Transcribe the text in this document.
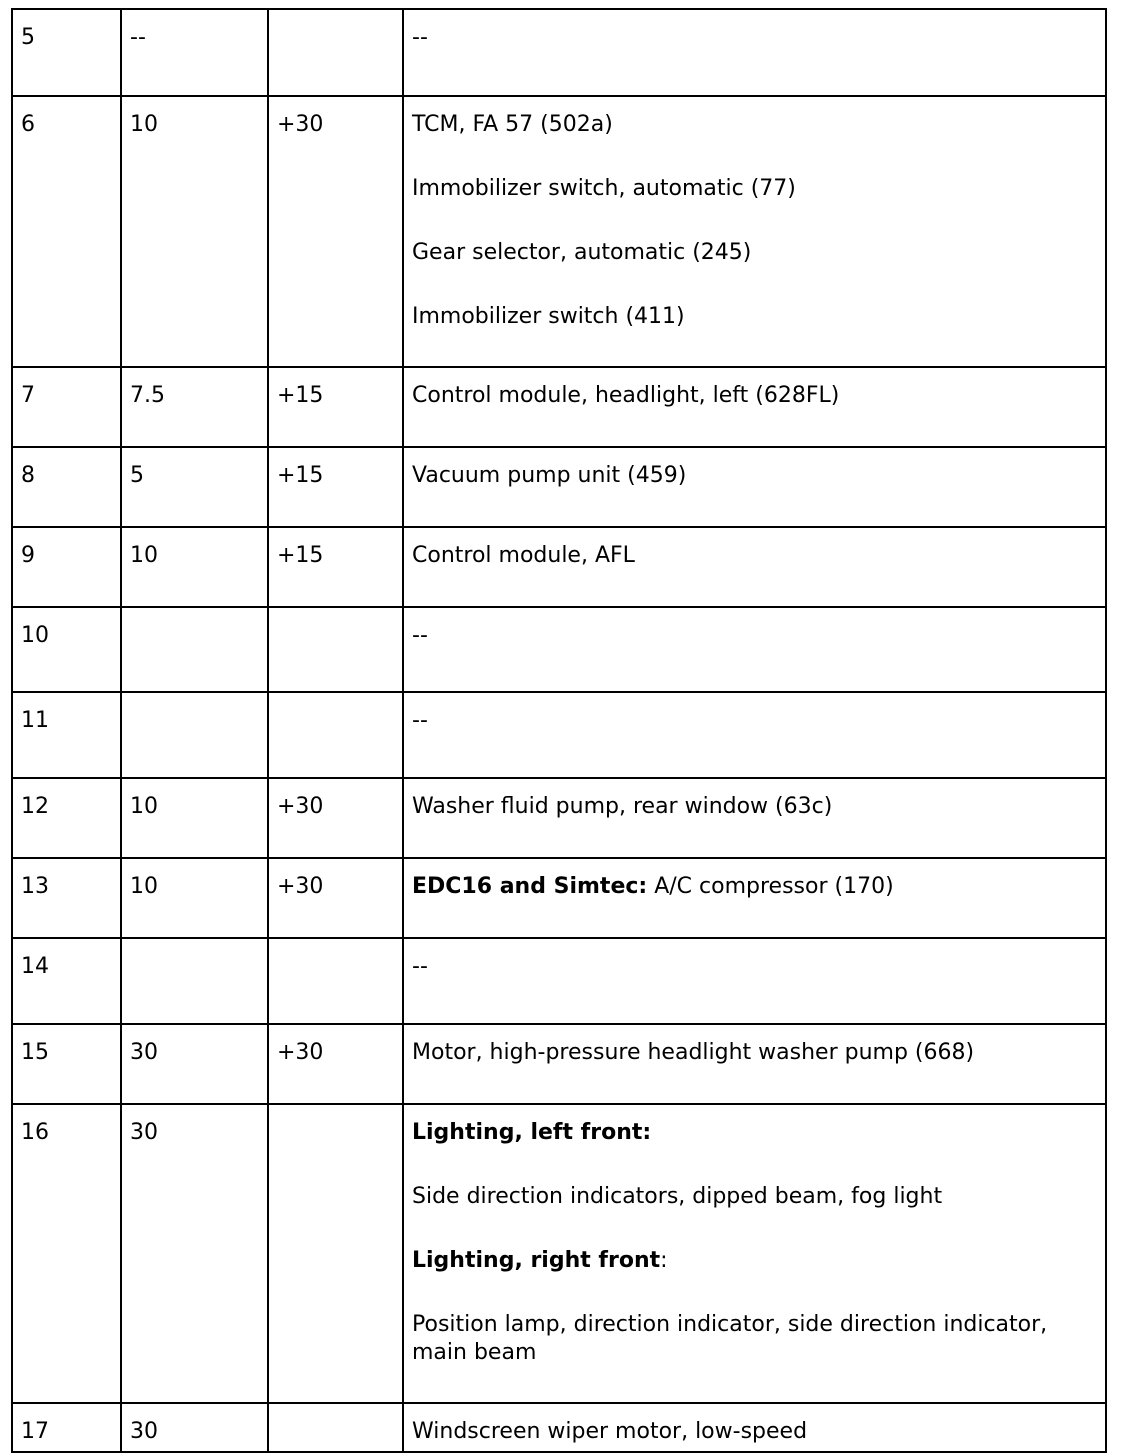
5	--		--

6	10	+30	TCM, FA 57 (502a)
Immobilizer switch, automatic (77)
Gear selector, automatic (245)
Immobilizer switch (411)

7	7.5	+15	Control module, headlight, left (628FL)

8	5	+15	Vacuum pump unit (459)

9	10	+15	Control module, AFL

10			--

11			--

12	10	+30	Washer fluid pump, rear window (63c)

13	10	+30	EDC16 and Simtec: A/C compressor (170)

14			--

15	30	+30	Motor, high-pressure headlight washer pump (668)

16	30		Lighting, left front:
Side direction indicators, dipped beam, fog light
Lighting, right front:
Position lamp, direction indicator, side direction indicator, main beam

17	30		Windscreen wiper motor, low-speed
